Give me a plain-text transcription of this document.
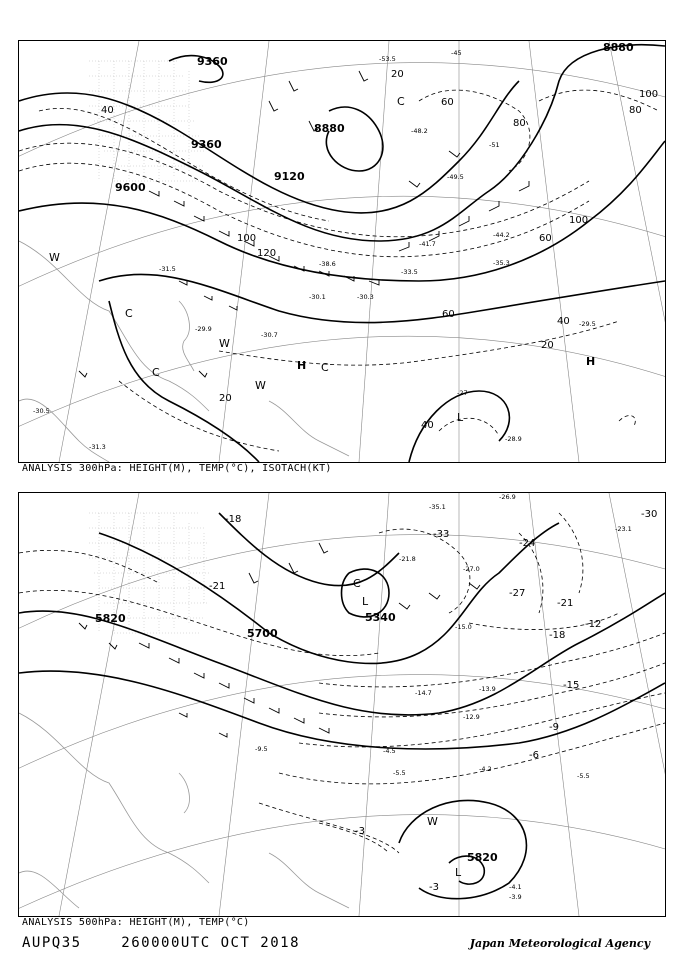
9360
9360
9600
9120
8880
8880
40
40
60
60
80
80
100
100
100
120
20
20
20
40
60
C
C
C
W
W
W
H	H
C
L
-45
-49.5
-51
-53.5
-48.2
-44.2
-41.7
-38.6	-35.3
-33.5
-31.5
-30.1	-30.3
-30.7
-29.9
-29.5
-27
-28.9
-31.3
-30.5
ANALYSIS 300hPa: HEIGHT(M), TEMP(°C), ISOTACH(KT)
5820
5700
5340
5820
-18
-21
-33
-27
-30
-24
-21
-18
-15
-12
-9
-6
-3
-3
C
L
W
L
-35.1
-26.9
-23.1
-21.8
-27.0
-15.0
-14.7	-13.9
-12.9
-4.5
-5.5	-4.2
-4.1
-5.5
-3.9
-9.5
ANALYSIS 500hPa: HEIGHT(M), TEMP(°C)
AUPQ35	260000UTC OCT 2018	Japan Meteorological Agency
